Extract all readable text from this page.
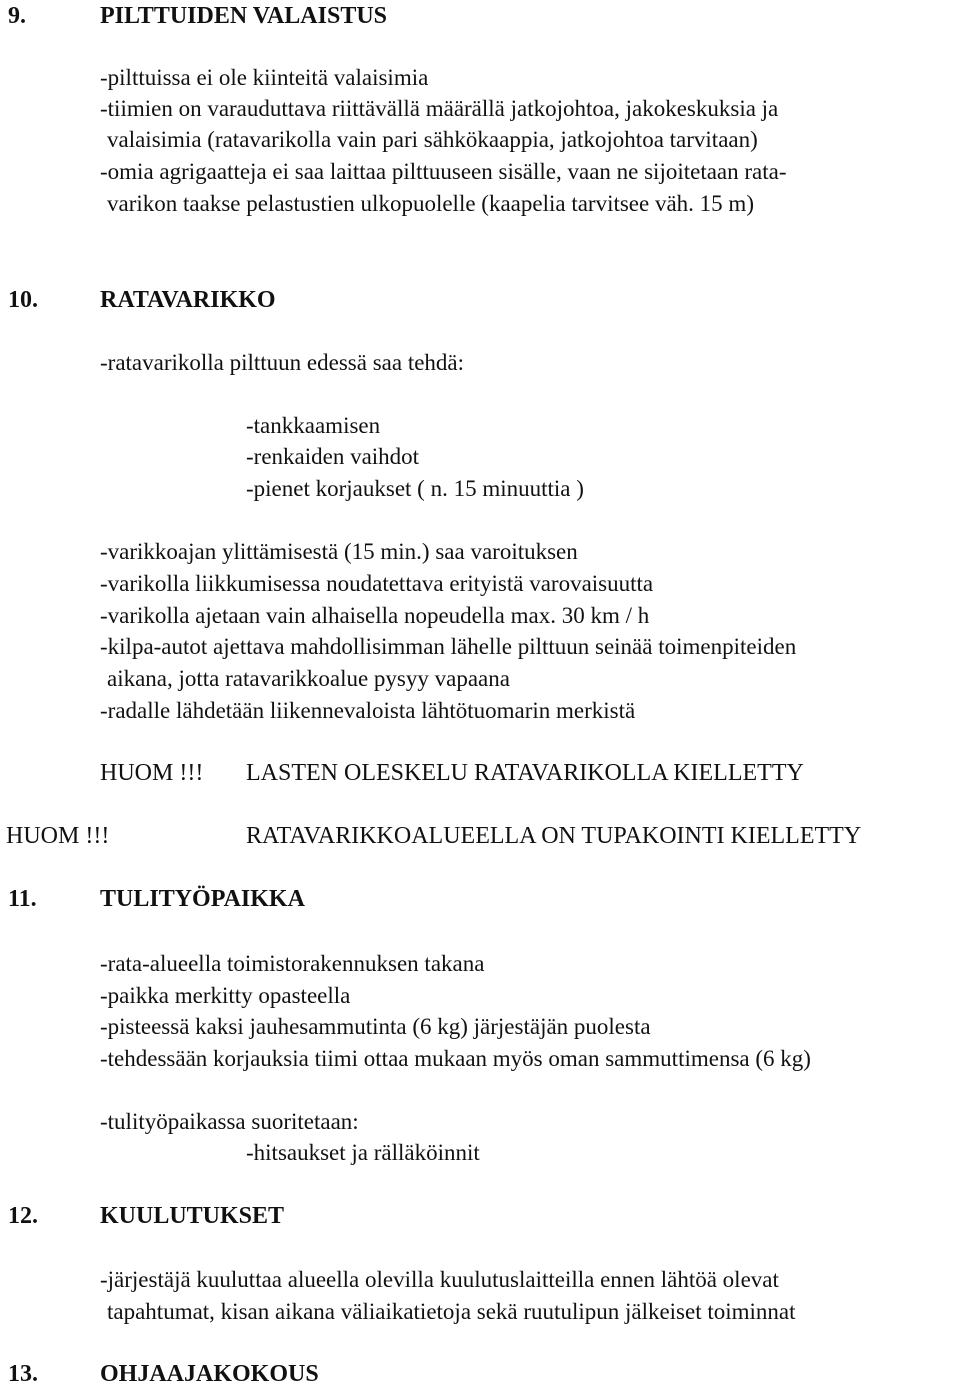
9.	PILTTUIDEN VALAISTUS
-pilttuissa ei ole kiinteitä valaisimia
-tiimien on varauduttava riittävällä määrällä jatkojohtoa, jakokeskuksia ja
valaisimia (ratavarikolla vain pari sähkökaappia, jatkojohtoa tarvitaan)
-omia agrigaatteja ei saa laittaa pilttuuseen sisälle, vaan ne sijoitetaan rata-
varikon taakse pelastustien ulkopuolelle (kaapelia tarvitsee väh. 15 m)
10.	RATAVARIKKO
-ratavarikolla pilttuun edessä saa tehdä:
-tankkaamisen
-renkaiden vaihdot
-pienet korjaukset ( n. 15 minuuttia )
-varikkoajan ylittämisestä (15 min.) saa varoituksen
-varikolla liikkumisessa noudatettava erityistä varovaisuutta
-varikolla ajetaan vain alhaisella nopeudella max. 30 km / h
-kilpa-autot ajettava mahdollisimman lähelle pilttuun seinää toimenpiteiden
aikana, jotta ratavarikkoalue pysyy vapaana
-radalle lähdetään liikennevaloista lähtötuomarin merkistä
HUOM !!! LASTEN OLESKELU RATAVARIKOLLA KIELLETTY
HUOM !!!	RATAVARIKKOALUEELLA ON TUPAKOINTI KIELLETTY
11.	TULITYÖPAIKKA
-rata-alueella toimistorakennuksen takana
-paikka merkitty opasteella
-pisteessä kaksi jauhesammutinta (6 kg) järjestäjän puolesta
-tehdessään korjauksia tiimi ottaa mukaan myös oman sammuttimensa (6 kg)
-tulityöpaikassa suoritetaan:
-hitsaukset ja rälläköinnit
12.	KUULUTUKSET
-järjestäjä kuuluttaa alueella olevilla kuulutuslaitteilla ennen lähtöä olevat
tapahtumat, kisan aikana väliaikatietoja sekä ruutulipun jälkeiset toiminnat
13.	OHJAAJAKOKOUS
